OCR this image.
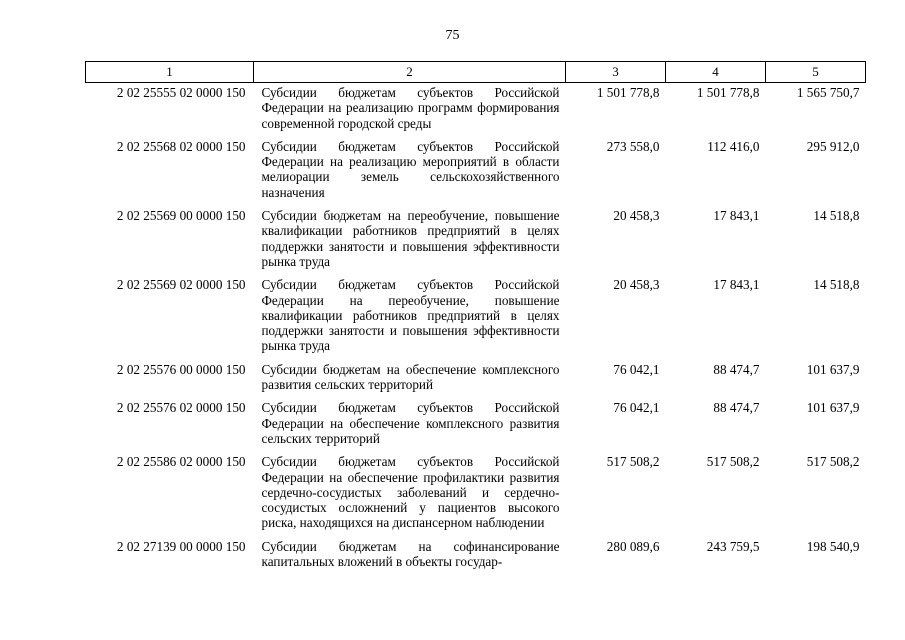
75
1	2	3	4	5
2 02 25555 02 0000 150	Субсидии бюджетам субъектов Российской Федерации на реализацию программ формирования современной городской среды	1 501 778,8	1 501 778,8	1 565 750,7
2 02 25568 02 0000 150	Субсидии бюджетам субъектов Российской Федерации на реализацию мероприятий в области мелиорации земель сельскохозяйственного назначения	273 558,0	112 416,0	295 912,0
2 02 25569 00 0000 150	Субсидии бюджетам на переобучение, повышение квалификации работников предприятий в целях поддержки занятости и повышения эффективности рынка труда	20 458,3	17 843,1	14 518,8
2 02 25569 02 0000 150	Субсидии бюджетам субъектов Российской Федерации на переобучение, повышение квалификации работников предприятий в целях поддержки занятости и повышения эффективности рынка труда	20 458,3	17 843,1	14 518,8
2 02 25576 00 0000 150	Субсидии бюджетам на обеспечение комплексного развития сельских территорий	76 042,1	88 474,7	101 637,9
2 02 25576 02 0000 150	Субсидии бюджетам субъектов Российской Федерации на обеспечение комплексного развития сельских территорий	76 042,1	88 474,7	101 637,9
2 02 25586 02 0000 150	Субсидии бюджетам субъектов Российской Федерации на обеспечение профилактики развития сердечно-сосудистых заболеваний и сердечно-сосудистых осложнений у пациентов высокого риска, находящихся на диспансерном наблюдении	517 508,2	517 508,2	517 508,2
2 02 27139 00 0000 150	Субсидии бюджетам на софинансирование капитальных вложений в объекты государ-	280 089,6	243 759,5	198 540,9
